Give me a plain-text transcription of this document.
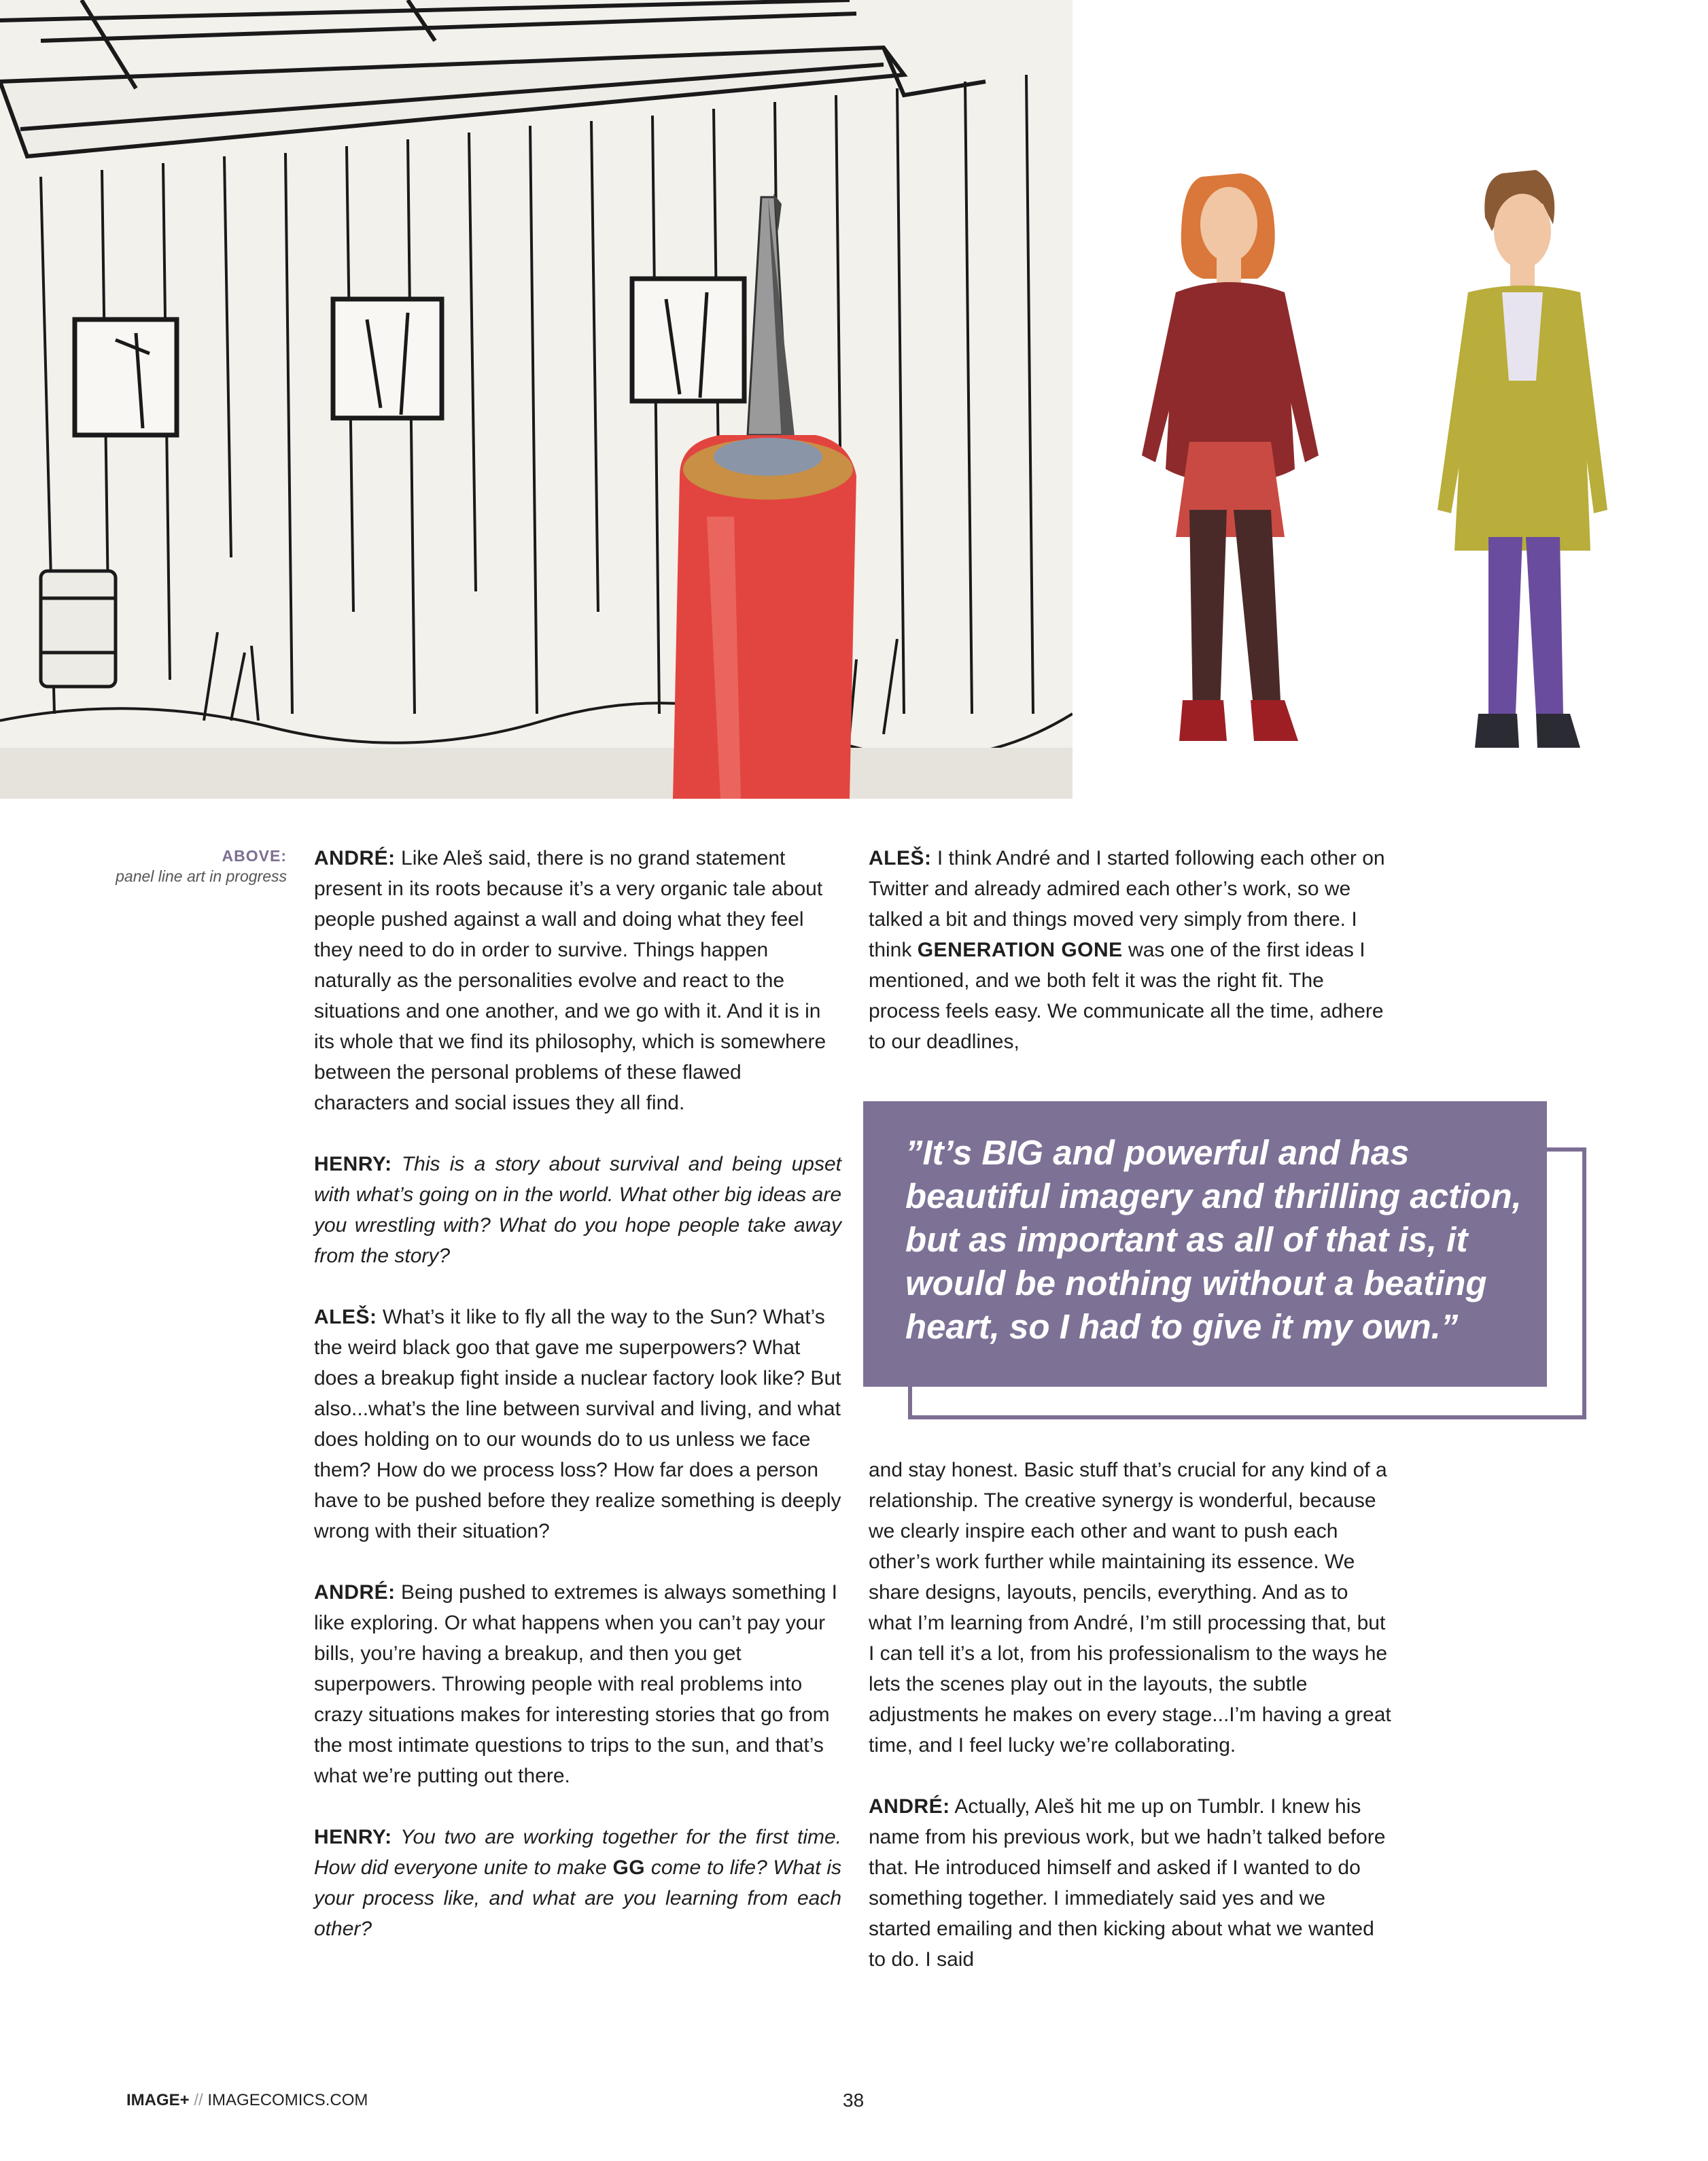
ABOVE:
panel line art in progress

ANDRÉ: Like Aleš said, there is no grand statement present in its roots because it’s a very organic tale about people pushed against a wall and doing what they feel they need to do in order to survive. Things happen naturally as the personalities evolve and react to the situations and one another, and we go with it. And it is in its whole that we find its philosophy, which is somewhere between the personal problems of these flawed characters and social issues they all find.

HENRY: This is a story about survival and being upset with what’s going on in the world. What other big ideas are you wrestling with? What do you hope people take away from the story?

ALEŠ: What’s it like to fly all the way to the Sun? What’s the weird black goo that gave me superpowers? What does a breakup fight inside a nuclear factory look like? But also...what’s the line between survival and living, and what does holding on to our wounds do to us unless we face them? How do we process loss? How far does a person have to be pushed before they realize something is deeply wrong with their situation?

ANDRÉ: Being pushed to extremes is always something I like exploring. Or what happens when you can’t pay your bills, you’re having a breakup, and then you get superpowers. Throwing people with real problems into crazy situations makes for interesting stories that go from the most intimate questions to trips to the sun, and that’s what we’re putting out there.

HENRY: You two are working together for the first time. How did everyone unite to make GG come to life? What is your process like, and what are you learning from each other?

ALEŠ: I think André and I started following each other on Twitter and already admired each other’s work, so we talked a bit and things moved very simply from there. I think GENERATION GONE was one of the first ideas I mentioned, and we both felt it was the right fit. The process feels easy. We communicate all the time, adhere to our deadlines,

”It’s BIG and powerful and has beautiful imagery and thrilling action, but as important as all of that is, it would be nothing without a beating heart, so I had to give it my own.”

and stay honest. Basic stuff that’s crucial for any kind of a relationship. The creative synergy is wonderful, because we clearly inspire each other and want to push each other’s work further while maintaining its essence. We share designs, layouts, pencils, everything. And as to what I’m learning from André, I’m still processing that, but I can tell it’s a lot, from his professionalism to the ways he lets the scenes play out in the layouts, the subtle adjustments he makes on every stage...I’m having a great time, and I feel lucky we’re collaborating.

ANDRÉ: Actually, Aleš hit me up on Tumblr. I knew his name from his previous work, but we hadn’t talked before that. He introduced himself and asked if I wanted to do something together. I immediately said yes and we started emailing and then kicking about what we wanted to do. I said

IMAGE+ // IMAGECOMICS.COM	38
